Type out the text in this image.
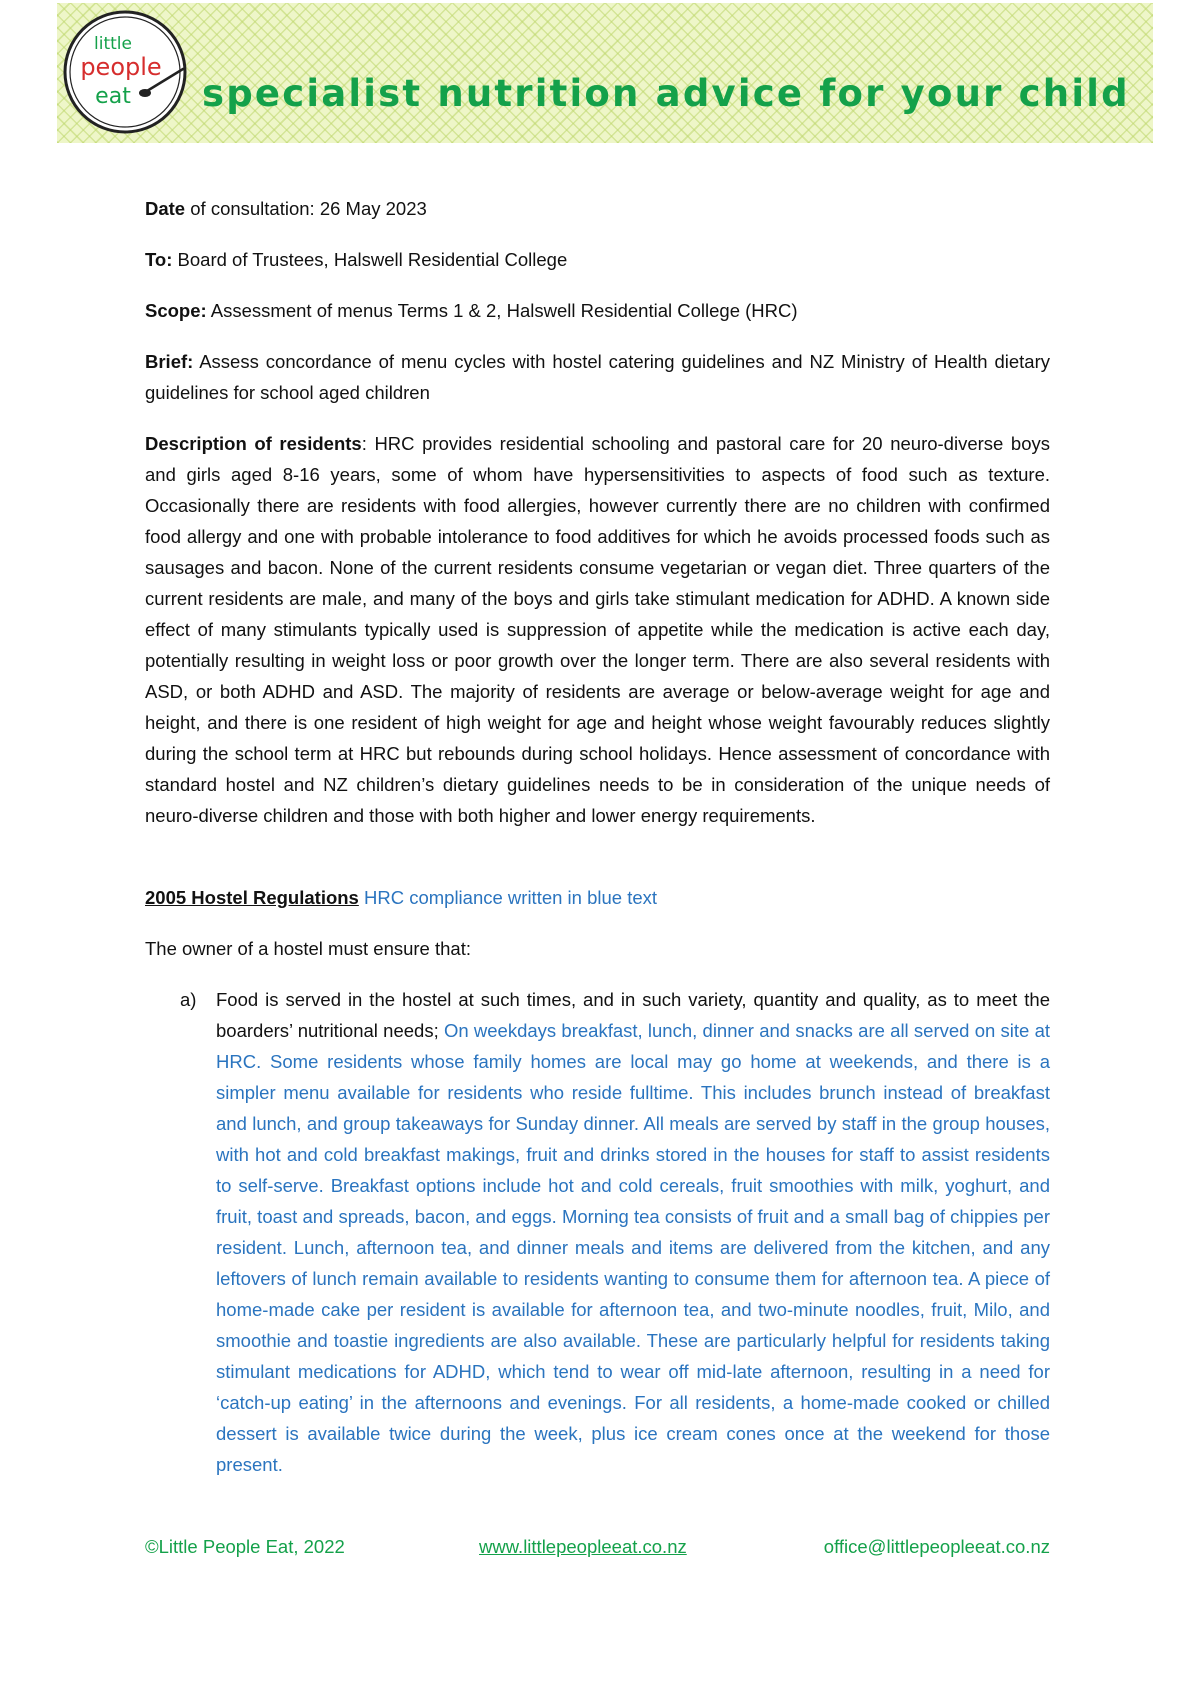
little
people
eat specialist nutrition advice for your child
Date of consultation: 26 May 2023
To: Board of Trustees, Halswell Residential College
Scope: Assessment of menus Terms 1 & 2, Halswell Residential College (HRC)
Brief: Assess concordance of menu cycles with hostel catering guidelines and NZ Ministry of Health dietary guidelines for school aged children
Description of residents: HRC provides residential schooling and pastoral care for 20 neuro-diverse boys and girls aged 8-16 years, some of whom have hypersensitivities to aspects of food such as texture. Occasionally there are residents with food allergies, however currently there are no children with confirmed food allergy and one with probable intolerance to food additives for which he avoids processed foods such as sausages and bacon. None of the current residents consume vegetarian or vegan diet. Three quarters of the current residents are male, and many of the boys and girls take stimulant medication for ADHD. A known side effect of many stimulants typically used is suppression of appetite while the medication is active each day, potentially resulting in weight loss or poor growth over the longer term. There are also several residents with ASD, or both ADHD and ASD. The majority of residents are average or below-average weight for age and height, and there is one resident of high weight for age and height whose weight favourably reduces slightly during the school term at HRC but rebounds during school holidays. Hence assessment of concordance with standard hostel and NZ children’s dietary guidelines needs to be in consideration of the unique needs of neuro-diverse children and those with both higher and lower energy requirements.
2005 Hostel Regulations HRC compliance written in blue text
The owner of a hostel must ensure that:
a) Food is served in the hostel at such times, and in such variety, quantity and quality, as to meet the boarders’ nutritional needs; On weekdays breakfast, lunch, dinner and snacks are all served on site at HRC. Some residents whose family homes are local may go home at weekends, and there is a simpler menu available for residents who reside fulltime. This includes brunch instead of breakfast and lunch, and group takeaways for Sunday dinner. All meals are served by staff in the group houses, with hot and cold breakfast makings, fruit and drinks stored in the houses for staff to assist residents to self-serve. Breakfast options include hot and cold cereals, fruit smoothies with milk, yoghurt, and fruit, toast and spreads, bacon, and eggs. Morning tea consists of fruit and a small bag of chippies per resident. Lunch, afternoon tea, and dinner meals and items are delivered from the kitchen, and any leftovers of lunch remain available to residents wanting to consume them for afternoon tea. A piece of home-made cake per resident is available for afternoon tea, and two-minute noodles, fruit, Milo, and smoothie and toastie ingredients are also available. These are particularly helpful for residents taking stimulant medications for ADHD, which tend to wear off mid-late afternoon, resulting in a need for ‘catch-up eating’ in the afternoons and evenings. For all residents, a home-made cooked or chilled dessert is available twice during the week, plus ice cream cones once at the weekend for those present.
©Little People Eat, 2022	www.littlepeopleeat.co.nz	office@littlepeopleeat.co.nz
